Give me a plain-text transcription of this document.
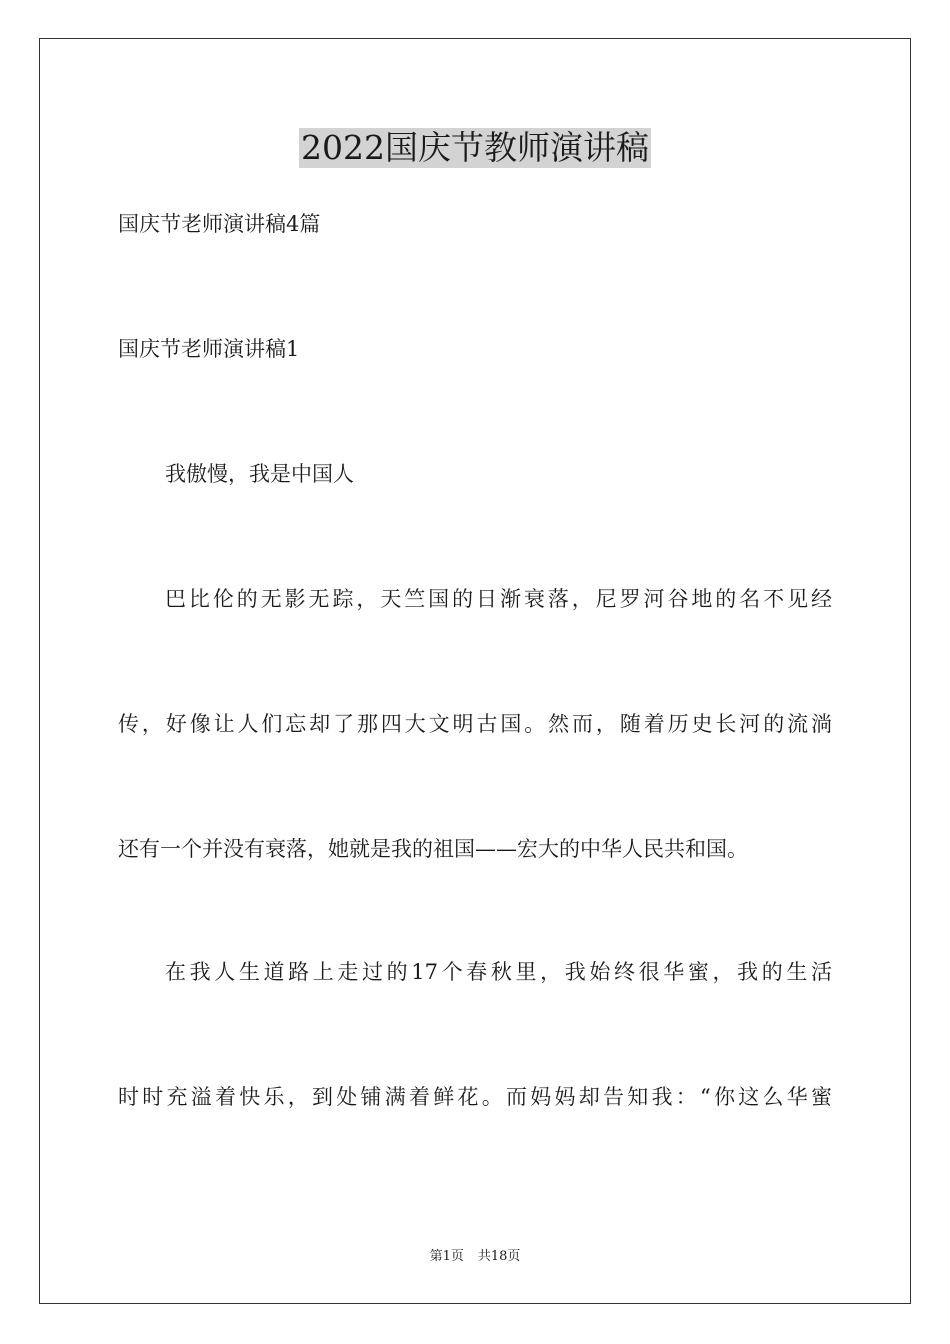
2022国庆节教师演讲稿
国庆节老师演讲稿4篇
国庆节老师演讲稿1
我傲慢，我是中国人
巴比伦的无影无踪，天竺国的日渐衰落，尼罗河谷地的名不见经
传，好像让人们忘却了那四大文明古国。然而，随着历史长河的流淌
还有一个并没有衰落，她就是我的祖国——宏大的中华人民共和国。
在我人生道路上走过的17个春秋里，我始终很华蜜，我的生活
时时充溢着快乐，到处铺满着鲜花。而妈妈却告知我：“你这么华蜜
第1页 共18页
